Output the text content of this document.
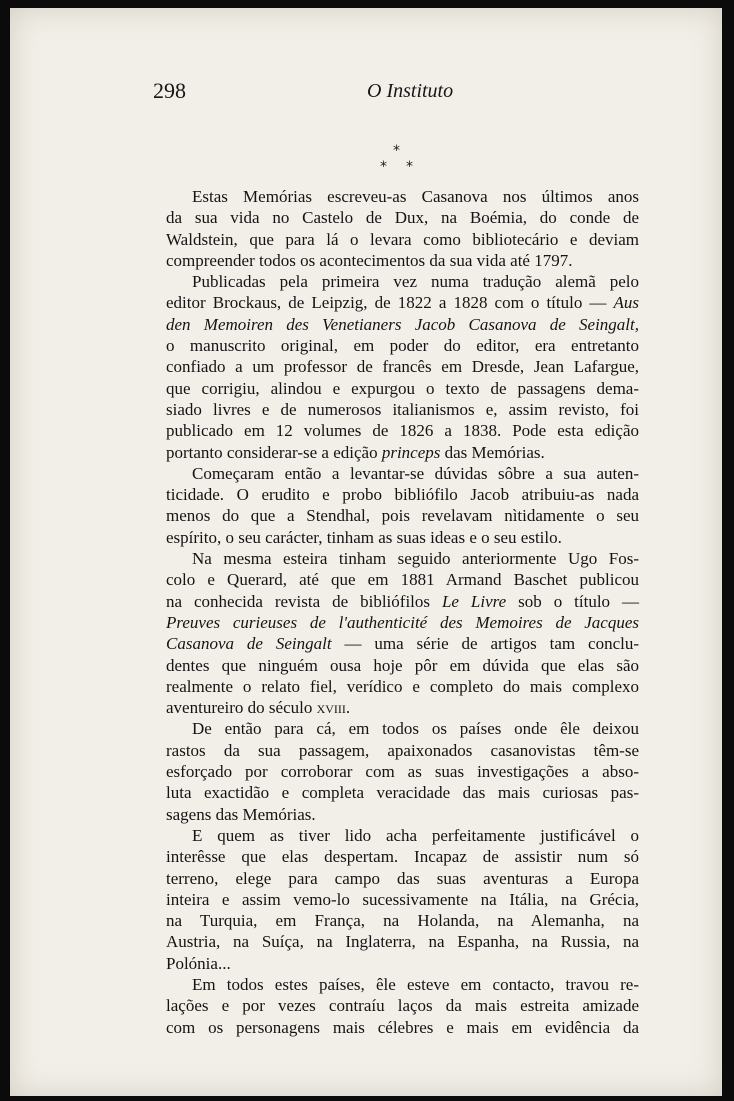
298	O Instituto
*
* *
Estas Memórias escreveu-as Casanova nos últimos anos
da sua vida no Castelo de Dux, na Boémia, do conde de
Waldstein, que para lá o levara como bibliotecário e deviam
compreender todos os acontecimentos da sua vida até 1797.
Publicadas pela primeira vez numa tradução alemã pelo
editor Brockaus, de Leipzig, de 1822 a 1828 com o título — Aus
den Memoiren des Venetianers Jacob Casanova de Seingalt,
o manuscrito original, em poder do editor, era entretanto
confiado a um professor de francês em Dresde, Jean Lafargue,
que corrigiu, alindou e expurgou o texto de passagens dema-
siado livres e de numerosos italianismos e, assim revisto, foi
publicado em 12 volumes de 1826 a 1838. Pode esta edição
portanto considerar-se a edição princeps das Memórias.
Começaram então a levantar-se dúvidas sôbre a sua auten-
ticidade. O erudito e probo bibliófilo Jacob atribuiu-as nada
menos do que a Stendhal, pois revelavam nìtidamente o seu
espírito, o seu carácter, tinham as suas ideas e o seu estilo.
Na mesma esteira tinham seguido anteriormente Ugo Fos-
colo e Querard, até que em 1881 Armand Baschet publicou
na conhecida revista de bibliófilos Le Livre sob o título —
Preuves curieuses de l'authenticité des Memoires de Jacques
Casanova de Seingalt — uma série de artigos tam conclu-
dentes que ninguém ousa hoje pôr em dúvida que elas são
realmente o relato fiel, verídico e completo do mais complexo
aventureiro do século xviii.
De então para cá, em todos os países onde êle deixou
rastos da sua passagem, apaixonados casanovistas têm-se
esforçado por corroborar com as suas investigações a abso-
luta exactidão e completa veracidade das mais curiosas pas-
sagens das Memórias.
E quem as tiver lido acha perfeitamente justificável o
interêsse que elas despertam. Incapaz de assistir num só
terreno, elege para campo das suas aventuras a Europa
inteira e assim vemo-lo sucessivamente na Itália, na Grécia,
na Turquia, em França, na Holanda, na Alemanha, na
Austria, na Suíça, na Inglaterra, na Espanha, na Russia, na
Polónia...
Em todos estes países, êle esteve em contacto, travou re-
lações e por vezes contraíu laços da mais estreita amizade
com os personagens mais célebres e mais em evidência da
